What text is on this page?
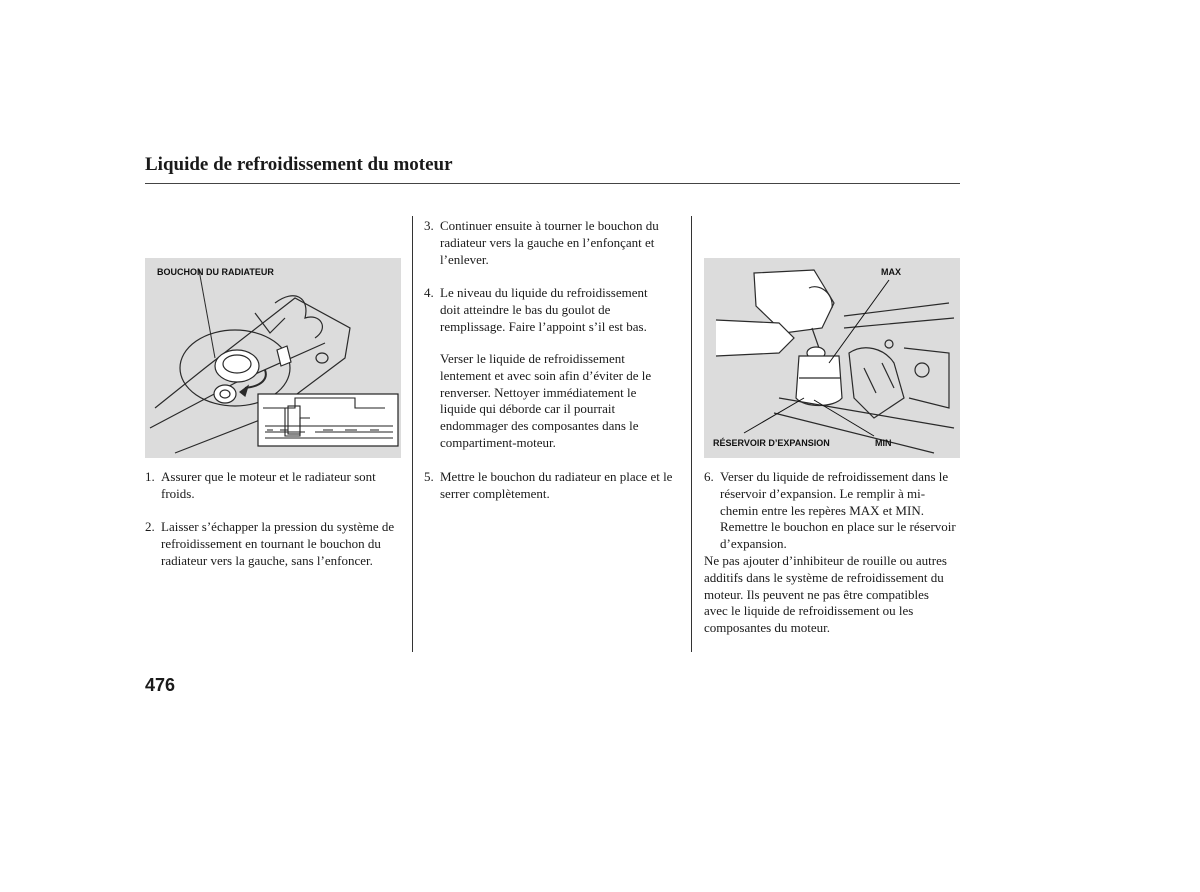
Liquide de refroidissement du moteur
BOUCHON DU RADIATEUR	MAX
RÉSERVOIR D’EXPANSION	MIN
1. Assurer que le moteur et le radiateur sont froids.
2. Laisser s’échapper la pression du système de refroidissement en tournant le bouchon du radiateur vers la gauche, sans l’enfoncer.
3. Continuer ensuite à tourner le bouchon du radiateur vers la gauche en l’enfonçant et l’enlever.
4. Le niveau du liquide du refroidissement doit atteindre le bas du goulot de remplissage. Faire l’appoint s’il est bas.
Verser le liquide de refroidissement lentement et avec soin afin d’éviter de le renverser. Nettoyer immédiatement le liquide qui déborde car il pourrait endommager des composantes dans le compartiment-moteur.
5. Mettre le bouchon du radiateur en place et le serrer complètement.
6. Verser du liquide de refroidissement dans le réservoir d’expansion. Le remplir à mi-chemin entre les repères MAX et MIN. Remettre le bouchon en place sur le réservoir d’expansion.
Ne pas ajouter d’inhibiteur de rouille ou autres additifs dans le système de refroidissement du moteur. Ils peuvent ne pas être compatibles avec le liquide de refroidissement ou les composantes du moteur.
476
